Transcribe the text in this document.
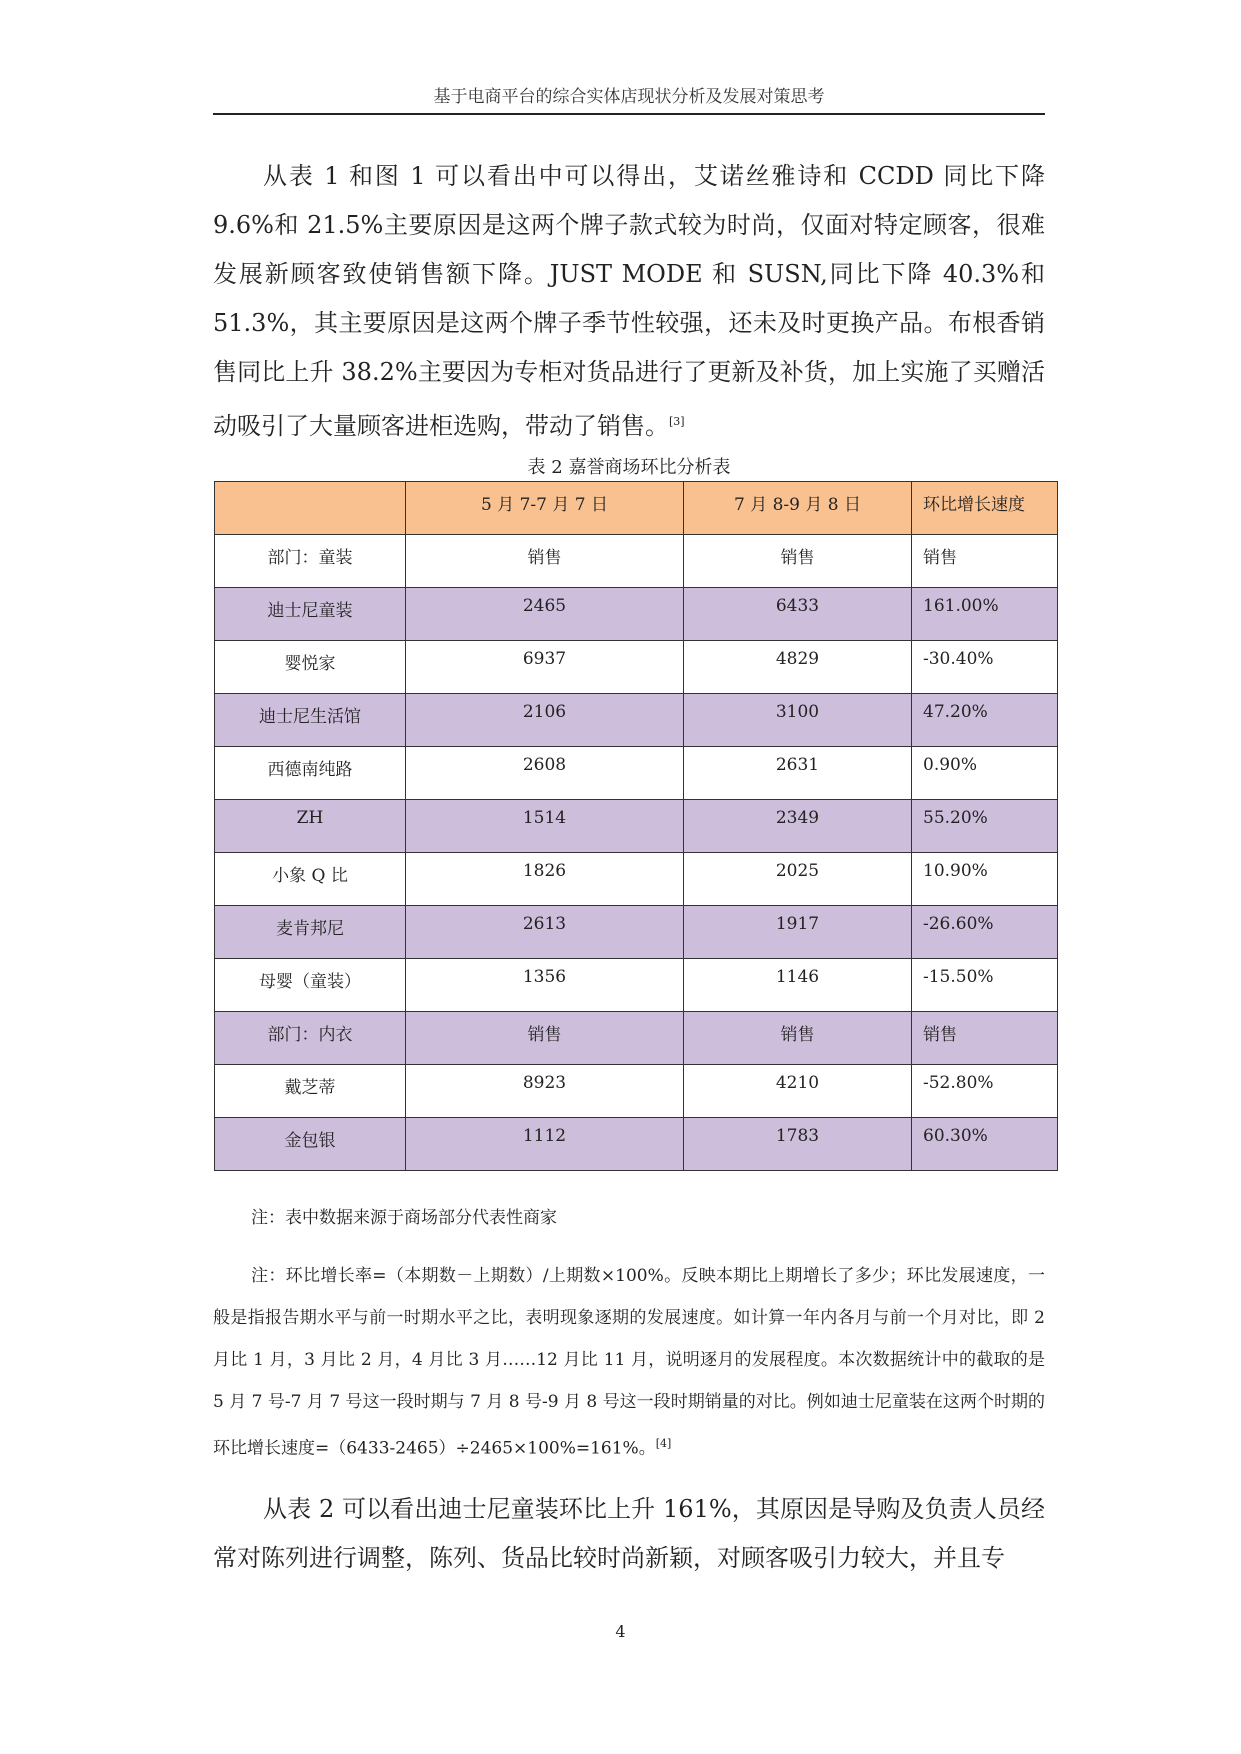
基于电商平台的综合实体店现状分析及发展对策思考

从表 1 和图 1 可以看出中可以得出，艾诺丝雅诗和 CCDD 同比下降 9.6%和 21.5%主要原因是这两个牌子款式较为时尚，仅面对特定顾客，很难发展新顾客致使销售额下降。JUST MODE 和 SUSN,同比下降 40.3%和 51.3%，其主要原因是这两个牌子季节性较强，还未及时更换产品。布根香销售同比上升 38.2%主要因为专柜对货品进行了更新及补货，加上实施了买赠活动吸引了大量顾客进柜选购，带动了销售。[3]

表 2 嘉誉商场环比分析表
	5 月 7-7 月 7 日	7 月 8-9 月 8 日	环比增长速度
部门：童装	销售	销售	销售
迪士尼童装	2465	6433	161.00%
婴悦家	6937	4829	-30.40%
迪士尼生活馆	2106	3100	47.20%
西德南纯路	2608	2631	0.90%
ZH	1514	2349	55.20%
小象 Q 比	1826	2025	10.90%
麦肯邦尼	2613	1917	-26.60%
母婴（童装）	1356	1146	-15.50%
部门：内衣	销售	销售	销售
戴芝蒂	8923	4210	-52.80%
金包银	1112	1783	60.30%

注：表中数据来源于商场部分代表性商家

注：环比增长率=（本期数－上期数）/上期数×100%。反映本期比上期增长了多少；环比发展速度，一般是指报告期水平与前一时期水平之比，表明现象逐期的发展速度。如计算一年内各月与前一个月对比，即 2 月比 1 月，3 月比 2 月，4 月比 3 月……12 月比 11 月，说明逐月的发展程度。本次数据统计中的截取的是 5 月 7 号-7 月 7 号这一段时期与 7 月 8 号-9 月 8 号这一段时期销量的对比。例如迪士尼童装在这两个时期的环比增长速度=（6433-2465）÷2465×100%=161%。[4]

从表 2 可以看出迪士尼童装环比上升 161%，其原因是导购及负责人员经常对陈列进行调整，陈列、货品比较时尚新颖，对顾客吸引力较大，并且专

4
